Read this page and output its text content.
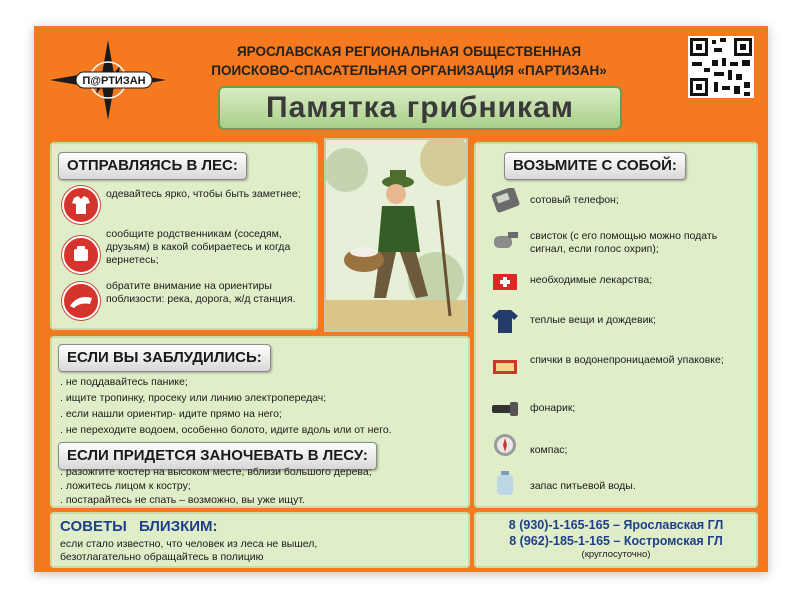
П@РТИЗАН
ЯРОСЛАВСКАЯ РЕГИОНАЛЬНАЯ ОБЩЕСТВЕННАЯ
ПОИСКОВО-СПАСАТЕЛЬНАЯ ОРГАНИЗАЦИЯ «ПАРТИЗАН»
Памятка грибникам
ОТПРАВЛЯЯСЬ В ЛЕС:
одевайтесь ярко, чтобы быть заметнее;
сообщите родственникам (соседям, друзьям) в какой собираетесь и когда вернетесь;
обратите внимание на ориентиры поблизости: река, дорога, ж/д станция.
ВОЗЬМИТЕ С СОБОЙ:
сотовый телефон;
свисток (с его помощью можно подать сигнал, если голос охрип);
необходимые лекарства;
теплые вещи и дождевик;
спички в водонепроницаемой упаковке;
фонарик;
компас;
запас питьевой воды.
ЕСЛИ ВЫ ЗАБЛУДИЛИСЬ:
. не поддавайтесь панике;
. ищите тропинку, просеку или линию электропередач;
. если нашли ориентир- идите прямо на него;
. не переходите водоем, особенно болото, идите вдоль или от него.
ЕСЛИ ПРИДЕТСЯ ЗАНОЧЕВАТЬ В ЛЕСУ:
. разожгите костер на высоком месте, вблизи большого дерева;
. ложитесь лицом к костру;
. постарайтесь не спать – возможно, вы уже ищут.
СОВЕТЫ БЛИЗКИМ:
если стало известно, что человек из леса не вышел, безотлагательно обращайтесь в полицию
8 (930)-1-165-165 – Ярославская ГЛ
8 (962)-185-1-165 – Костромская ГЛ
(круглосуточно)
